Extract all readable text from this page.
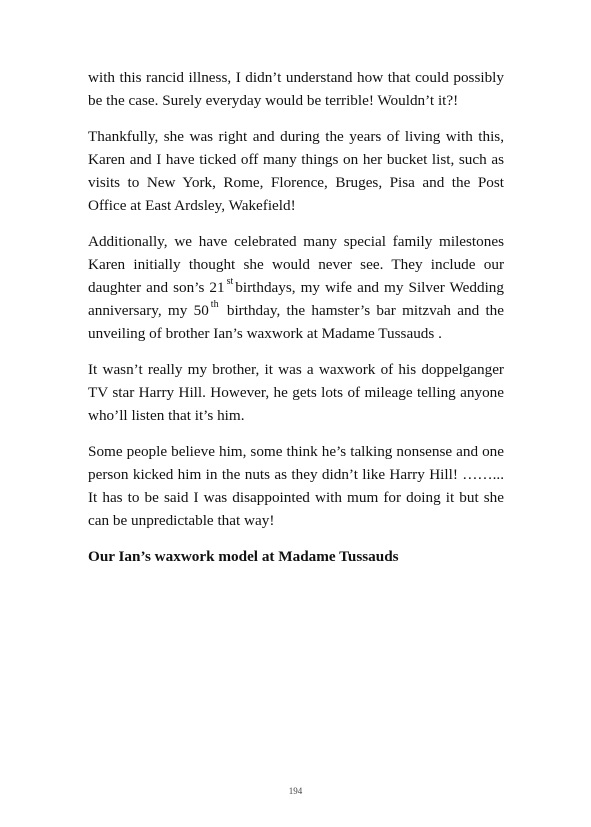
with this rancid illness, I didn’t understand how that could possibly be the case. Surely everyday would be terrible! Wouldn’t it?!

Thankfully, she was right and during the years of living with this, Karen and I have ticked off many things on her bucket list, such as visits to New York, Rome, Florence, Bruges, Pisa and the Post Office at East Ardsley, Wakefield!

Additionally, we have celebrated many special family milestones Karen initially thought she would never see. They include our daughter and son’s 21 $^{st}$ birthdays, my wife and my Silver Wedding anniversary, my 50 $^{th}$ birthday, the hamster’s bar mitzvah and the unveiling of brother Ian’s waxwork at Madame Tussauds .

It wasn’t really my brother, it was a waxwork of his doppelganger TV star Harry Hill. However, he gets lots of mileage telling anyone who’ll listen that it’s him.

Some people believe him, some think he’s talking nonsense and one person kicked him in the nuts as they didn’t like Harry Hill! ……... It has to be said I was disappointed with mum for doing it but she can be unpredictable that way!

Our Ian’s waxwork model at Madame Tussauds

194
